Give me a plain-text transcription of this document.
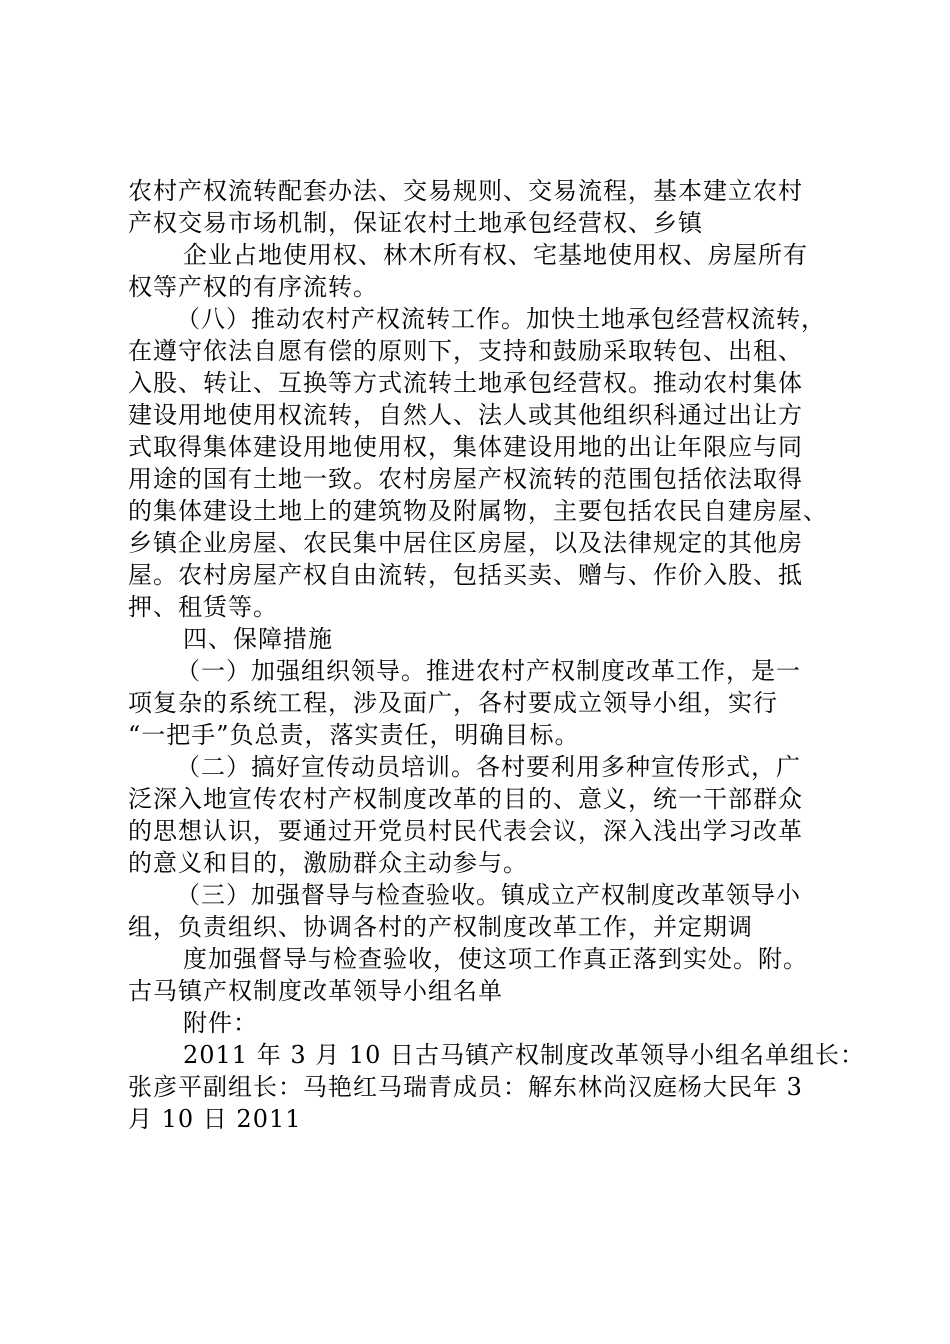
农村产权流转配套办法、交易规则、交易流程，基本建立农村
产权交易市场机制，保证农村土地承包经营权、乡镇
企业占地使用权、林木所有权、宅基地使用权、房屋所有
权等产权的有序流转。
（八）推动农村产权流转工作。加快土地承包经营权流转，
在遵守依法自愿有偿的原则下，支持和鼓励采取转包、出租、
入股、转让、互换等方式流转土地承包经营权。推动农村集体
建设用地使用权流转，自然人、法人或其他组织科通过出让方
式取得集体建设用地使用权，集体建设用地的出让年限应与同
用途的国有土地一致。农村房屋产权流转的范围包括依法取得
的集体建设土地上的建筑物及附属物，主要包括农民自建房屋、
乡镇企业房屋、农民集中居住区房屋，以及法律规定的其他房
屋。农村房屋产权自由流转，包括买卖、赠与、作价入股、抵
押、租赁等。
四、保障措施
（一）加强组织领导。推进农村产权制度改革工作，是一
项复杂的系统工程，涉及面广，各村要成立领导小组，实行
“一把手”负总责，落实责任，明确目标。
（二）搞好宣传动员培训。各村要利用多种宣传形式，广
泛深入地宣传农村产权制度改革的目的、意义，统一干部群众
的思想认识，要通过开党员村民代表会议，深入浅出学习改革
的意义和目的，激励群众主动参与。
（三）加强督导与检查验收。镇成立产权制度改革领导小
组，负责组织、协调各村的产权制度改革工作，并定期调
度加强督导与检查验收，使这项工作真正落到实处。附。
古马镇产权制度改革领导小组名单
附件：
2011 年 3 月 10 日古马镇产权制度改革领导小组名单组长：
张彦平副组长：马艳红马瑞青成员：解东林尚汉庭杨大民年 3
月 10 日 2011
